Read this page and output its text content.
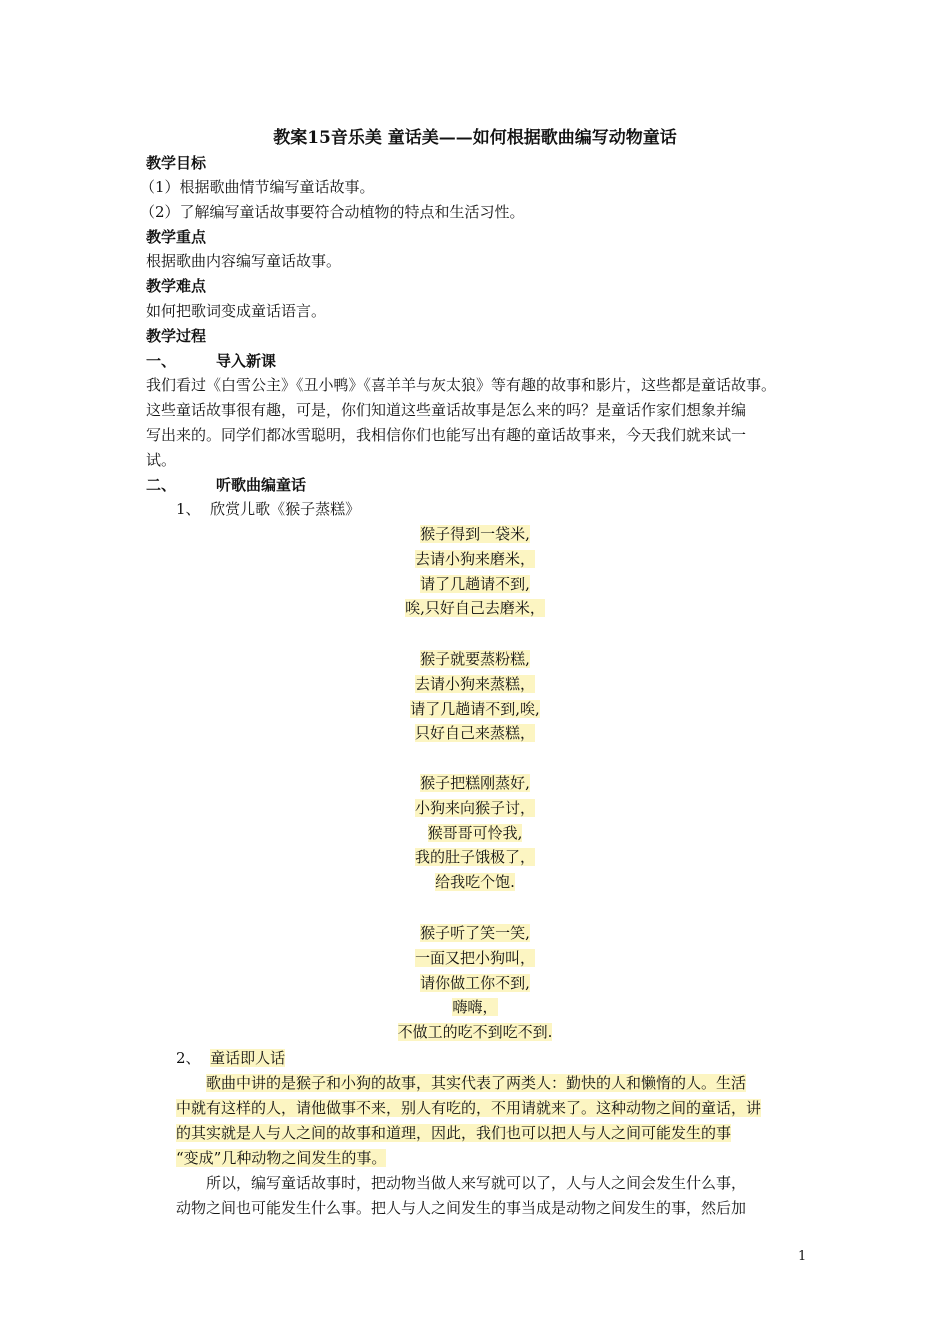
教案15音乐美 童话美——如何根据歌曲编写动物童话
教学目标
（1）根据歌曲情节编写童话故事。
（2）了解编写童话故事要符合动植物的特点和生活习性。
教学重点
根据歌曲内容编写童话故事。
教学难点
如何把歌词变成童话语言。
教学过程
一、	导入新课
我们看过《白雪公主》《丑小鸭》《喜羊羊与灰太狼》等有趣的故事和影片，这些都是童话故事。
这些童话故事很有趣，可是，你们知道这些童话故事是怎么来的吗？是童话作家们想象并编
写出来的。同学们都冰雪聪明，我相信你们也能写出有趣的童话故事来，今天我们就来试一
试。
二、	听歌曲编童话
1、 欣赏儿歌《猴子蒸糕》
猴子得到一袋米,
去请小狗来磨米，
请了几趟请不到,
唉,只好自己去磨米，
猴子就要蒸粉糕,
去请小狗来蒸糕，
请了几趟请不到,唉,
只好自己来蒸糕，
猴子把糕刚蒸好,
小狗来向猴子讨，
猴哥哥可怜我,
我的肚子饿极了，
给我吃个饱.
猴子听了笑一笑,
一面又把小狗叫，
请你做工你不到,
嗨嗨，
不做工的吃不到吃不到.
2、 童话即人话
歌曲中讲的是猴子和小狗的故事，其实代表了两类人：勤快的人和懒惰的人。生活
中就有这样的人，请他做事不来，别人有吃的，不用请就来了。这种动物之间的童话，讲
的其实就是人与人之间的故事和道理，因此，我们也可以把人与人之间可能发生的事
“变成”几种动物之间发生的事。
所以，编写童话故事时，把动物当做人来写就可以了，人与人之间会发生什么事，
动物之间也可能发生什么事。把人与人之间发生的事当成是动物之间发生的事，然后加
1
